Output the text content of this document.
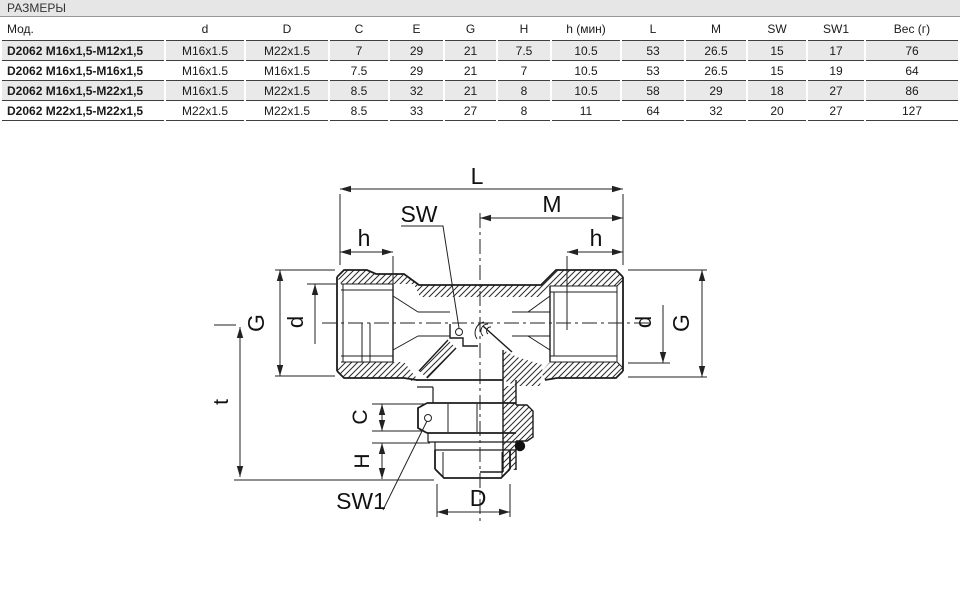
РАЗМЕРЫ
Мод.	d	D	C	E	G	H	h (мин)	L	M	SW	SW1	Вес (г)
D2062 M16x1,5-M12x1,5	M16x1.5	M22x1.5	7	29	21	7.5	10.5	53	26.5	15	17	76
D2062 M16x1,5-M16x1,5	M16x1.5	M16x1.5	7.5	29	21	7	10.5	53	26.5	15	19	64
D2062 M16x1,5-M22x1,5	M16x1.5	M22x1.5	8.5	32	21	8	10.5	58	29	18	27	86
D2062 M22x1,5-M22x1,5	M22x1.5	M22x1.5	8.5	33	27	8	11	64	32	20	27	127
L
M
SW
h	h
G d	d G
t
C
H
SW1	D
